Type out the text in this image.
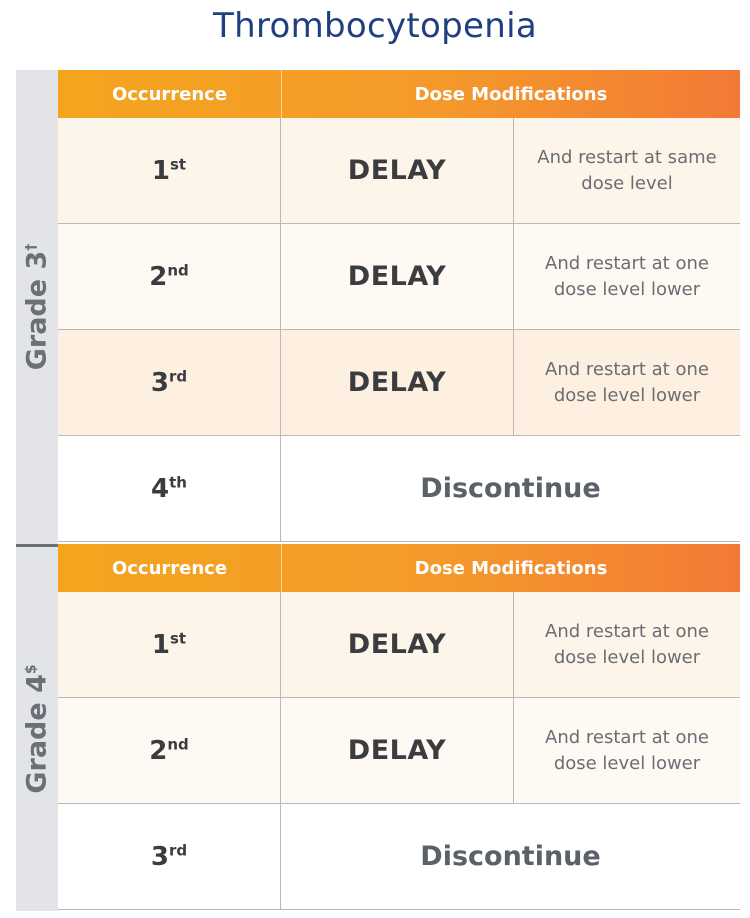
Thrombocytopenia
Grade 3†
Occurrence	Dose Modifications
1st	DELAY	And restart at same dose level
2nd	DELAY	And restart at one dose level lower
3rd	DELAY	And restart at one dose level lower
4th	Discontinue
Grade 4$
Occurrence	Dose Modifications
1st	DELAY	And restart at one dose level lower
2nd	DELAY	And restart at one dose level lower
3rd	Discontinue
